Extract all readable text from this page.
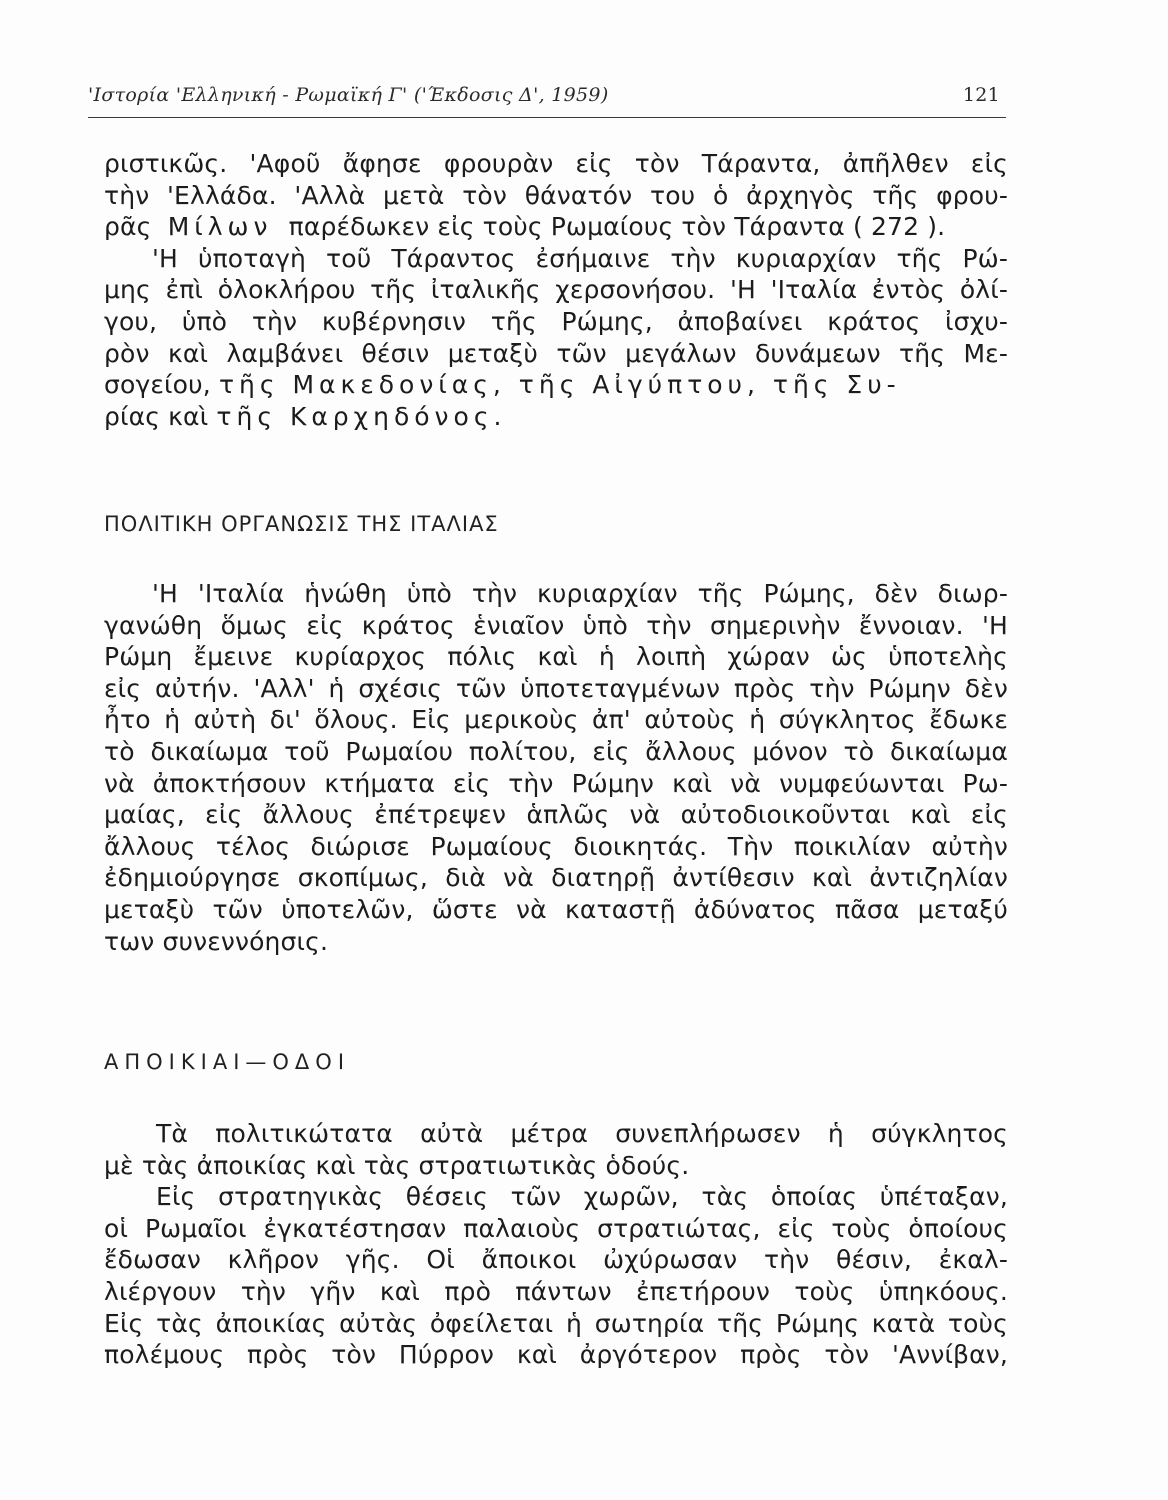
'Ιστορία 'Ελληνική - Ρωμαϊκή Γ' ('Έκδοσις Δ', 1959)	121
ριστικῶς. 'Αφοῦ ἄφησε φρουρὰν εἰς τὸν Τάραντα, ἀπῆλθεν εἰς
τὴν 'Ελλάδα. 'Αλλὰ μετὰ τὸν θάνατόν του ὁ ἀρχηγὸς τῆς φρου-
ρᾶς Μίλων παρέδωκεν εἰς τοὺς Ρωμαίους τὸν Τάραντα ( 272 ).
'Η ὑποταγὴ τοῦ Τάραντος ἐσήμαινε τὴν κυριαρχίαν τῆς Ρώ-
μης ἐπὶ ὁλοκλήρου τῆς ἰταλικῆς χερσονήσου. 'Η 'Ιταλία ἐντὸς ὀλί-
γου, ὑπὸ τὴν κυβέρνησιν τῆς Ρώμης, ἀποβαίνει κράτος ἰσχυ-
ρὸν καὶ λαμβάνει θέσιν μεταξὺ τῶν μεγάλων δυνάμεων τῆς Με-
σογείου, τῆς Μακεδονίας, τῆς Αἰγύπτου, τῆς Συ-
ρίας καὶ τῆς Καρχηδόνος.
ΠΟΛΙΤΙΚΗ ΟΡΓΑΝΩΣΙΣ ΤΗΣ ΙΤΑΛΙΑΣ
'Η 'Ιταλία ἡνώθη ὑπὸ τὴν κυριαρχίαν τῆς Ρώμης, δὲν διωρ-
γανώθη ὅμως εἰς κράτος ἑνιαῖον ὑπὸ τὴν σημερινὴν ἔννοιαν. 'Η
Ρώμη ἔμεινε κυρίαρχος πόλις καὶ ἡ λοιπὴ χώραν ὡς ὑποτελὴς
εἰς αὐτήν. 'Αλλ' ἡ σχέσις τῶν ὑποτεταγμένων πρὸς τὴν Ρώμην δὲν
ἦτο ἡ αὐτὴ δι' ὅλους. Εἰς μερικοὺς ἀπ' αὐτοὺς ἡ σύγκλητος ἔδωκε
τὸ δικαίωμα τοῦ Ρωμαίου πολίτου, εἰς ἄλλους μόνον τὸ δικαίωμα
νὰ ἀποκτήσουν κτήματα εἰς τὴν Ρώμην καὶ νὰ νυμφεύωνται Ρω-
μαίας, εἰς ἄλλους ἐπέτρεψεν ἁπλῶς νὰ αὐτοδιοικοῦνται καὶ εἰς
ἄλλους τέλος διώρισε Ρωμαίους διοικητάς. Τὴν ποικιλίαν αὐτὴν
ἐδημιούργησε σκοπίμως, διὰ νὰ διατηρῇ ἀντίθεσιν καὶ ἀντιζηλίαν
μεταξὺ τῶν ὑποτελῶν, ὥστε νὰ καταστῇ ἀδύνατος πᾶσα μεταξύ
των συνεννόησις.
ΑΠΟΙΚΙΑΙ—ΟΔΟΙ
Τὰ πολιτικώτατα αὐτὰ μέτρα συνεπλήρωσεν ἡ σύγκλητος
μὲ τὰς ἀποικίας καὶ τὰς στρατιωτικὰς ὁδούς.
Εἰς στρατηγικὰς θέσεις τῶν χωρῶν, τὰς ὁποίας ὑπέταξαν,
οἱ Ρωμαῖοι ἐγκατέστησαν παλαιοὺς στρατιώτας, εἰς τοὺς ὁποίους
ἔδωσαν κλῆρον γῆς. Οἱ ἄποικοι ὠχύρωσαν τὴν θέσιν, ἐκαλ-
λιέργουν τὴν γῆν καὶ πρὸ πάντων ἐπετήρουν τοὺς ὑπηκόους.
Εἰς τὰς ἀποικίας αὐτὰς ὀφείλεται ἡ σωτηρία τῆς Ρώμης κατὰ τοὺς
πολέμους πρὸς τὸν Πύρρον καὶ ἀργότερον πρὸς τὸν 'Αννίβαν,
